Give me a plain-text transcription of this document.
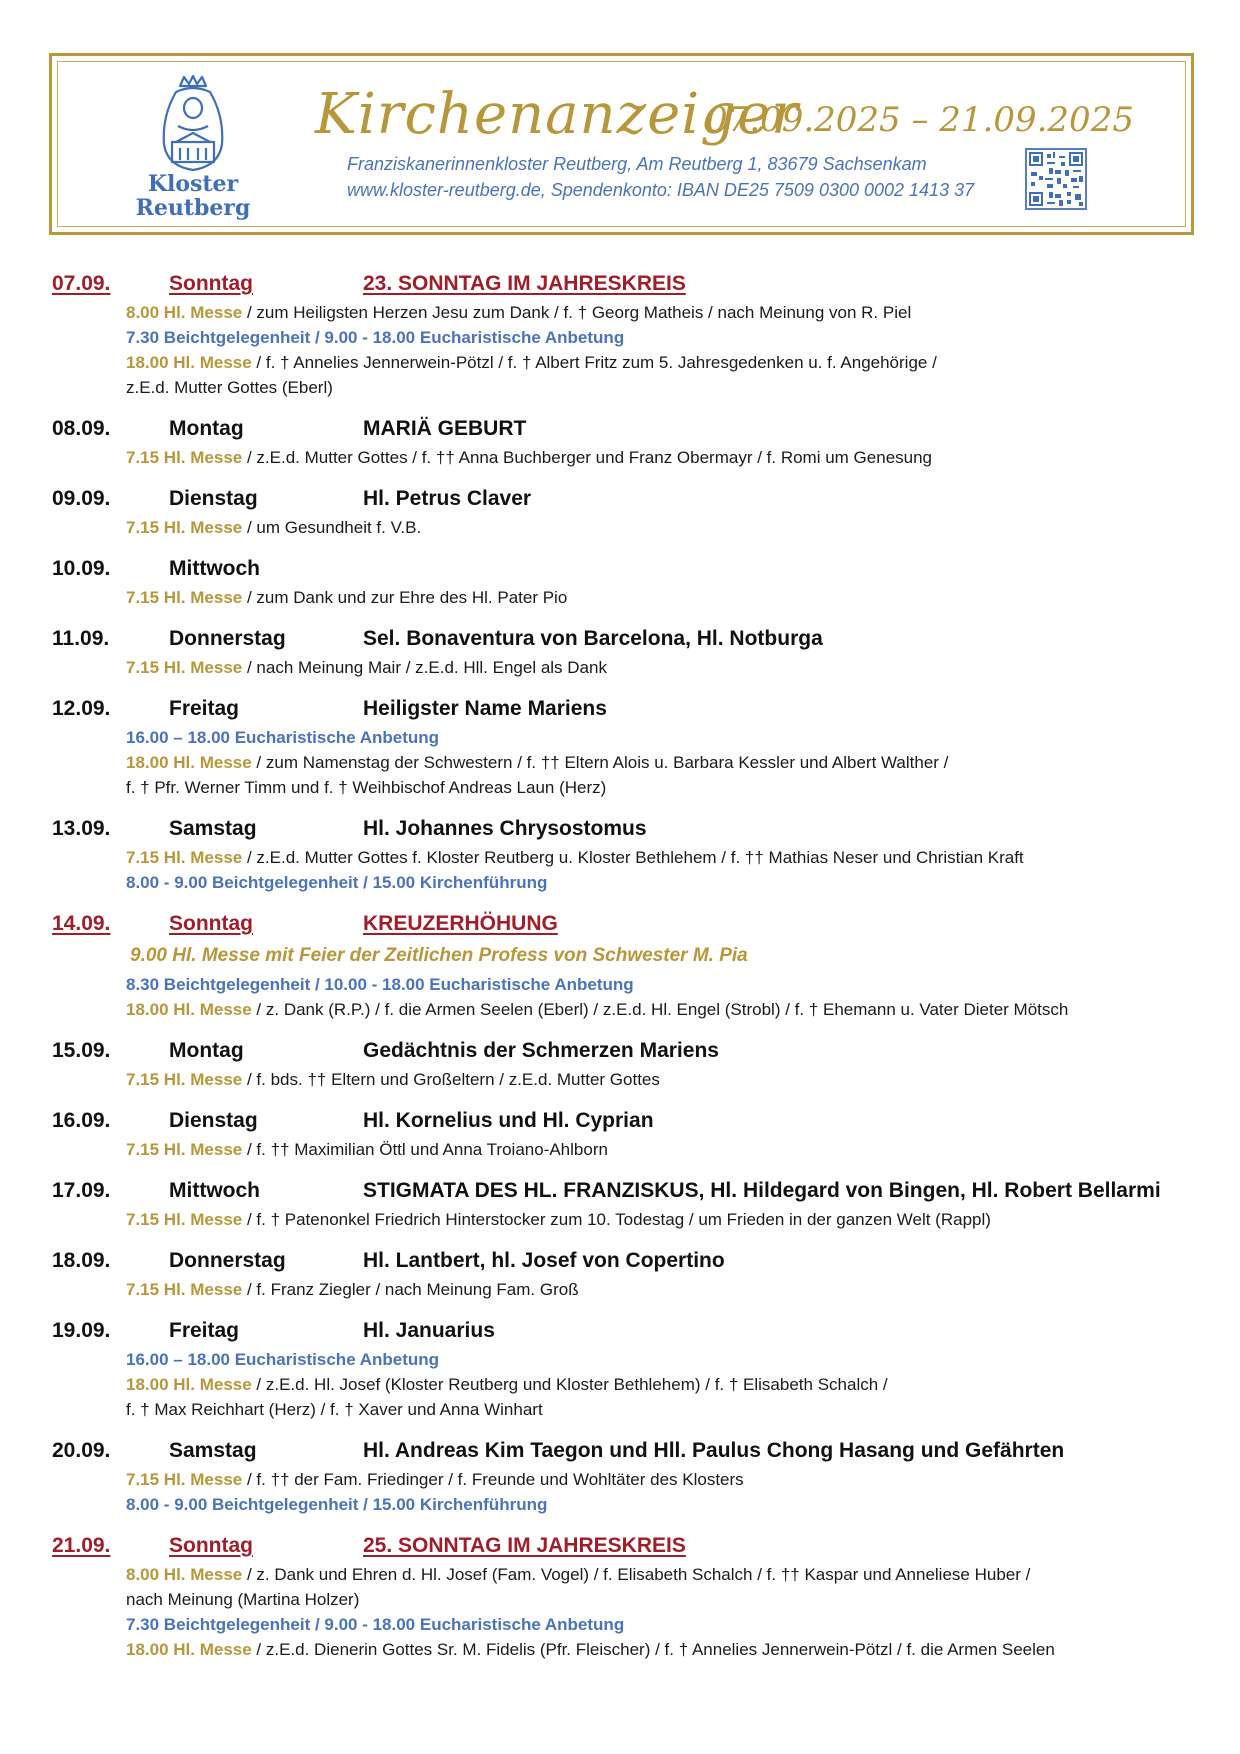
Kloster
Reutberg
Kirchenanzeiger
07.09.2025 – 21.09.2025
Franziskanerinnenkloster Reutberg, Am Reutberg 1, 83679 Sachsenkam
www.kloster-reutberg.de, Spendenkonto: IBAN DE25 7509 0300 0002 1413 37
07.09.	Sonntag	23. SONNTAG IM JAHRESKREIS
8.00 Hl. Messe / zum Heiligsten Herzen Jesu zum Dank / f. † Georg Matheis / nach Meinung von R. Piel
7.30 Beichtgelegenheit / 9.00 - 18.00 Eucharistische Anbetung
18.00 Hl. Messe / f. † Annelies Jennerwein-Pötzl / f. † Albert Fritz zum 5. Jahresgedenken u. f. Angehörige /
z.E.d. Mutter Gottes (Eberl)
08.09.	Montag	MARIÄ GEBURT
7.15 Hl. Messe / z.E.d. Mutter Gottes / f. †† Anna Buchberger und Franz Obermayr / f. Romi um Genesung
09.09.	Dienstag	Hl. Petrus Claver
7.15 Hl. Messe / um Gesundheit f. V.B.
10.09.	Mittwoch
7.15 Hl. Messe / zum Dank und zur Ehre des Hl. Pater Pio
11.09.	Donnerstag	Sel. Bonaventura von Barcelona, Hl. Notburga
7.15 Hl. Messe / nach Meinung Mair / z.E.d. Hll. Engel als Dank
12.09.	Freitag	Heiligster Name Mariens
16.00 – 18.00 Eucharistische Anbetung
18.00 Hl. Messe / zum Namenstag der Schwestern / f. †† Eltern Alois u. Barbara Kessler und Albert Walther /
f. † Pfr. Werner Timm und f. † Weihbischof Andreas Laun (Herz)
13.09.	Samstag	Hl. Johannes Chrysostomus
7.15 Hl. Messe / z.E.d. Mutter Gottes f. Kloster Reutberg u. Kloster Bethlehem / f. †† Mathias Neser und Christian Kraft
8.00 - 9.00 Beichtgelegenheit / 15.00 Kirchenführung
14.09.	Sonntag	KREUZERHÖHUNG
9.00 Hl. Messe mit Feier der Zeitlichen Profess von Schwester M. Pia
8.30 Beichtgelegenheit / 10.00 - 18.00 Eucharistische Anbetung
18.00 Hl. Messe / z. Dank (R.P.) / f. die Armen Seelen (Eberl) / z.E.d. Hl. Engel (Strobl) / f. † Ehemann u. Vater Dieter Mötsch
15.09.	Montag	Gedächtnis der Schmerzen Mariens
7.15 Hl. Messe / f. bds. †† Eltern und Großeltern / z.E.d. Mutter Gottes
16.09.	Dienstag	Hl. Kornelius und Hl. Cyprian
7.15 Hl. Messe / f. †† Maximilian Öttl und Anna Troiano-Ahlborn
17.09.	Mittwoch	STIGMATA DES HL. FRANZISKUS, Hl. Hildegard von Bingen, Hl. Robert Bellarmi
7.15 Hl. Messe / f. † Patenonkel Friedrich Hinterstocker zum 10. Todestag / um Frieden in der ganzen Welt (Rappl)
18.09.	Donnerstag	Hl. Lantbert, hl. Josef von Copertino
7.15 Hl. Messe / f. Franz Ziegler / nach Meinung Fam. Groß
19.09.	Freitag	Hl. Januarius
16.00 – 18.00 Eucharistische Anbetung
18.00 Hl. Messe / z.E.d. Hl. Josef (Kloster Reutberg und Kloster Bethlehem) / f. † Elisabeth Schalch /
f. † Max Reichhart (Herz) / f. † Xaver und Anna Winhart
20.09.	Samstag	Hl. Andreas Kim Taegon und Hll. Paulus Chong Hasang und Gefährten
7.15 Hl. Messe / f. †† der Fam. Friedinger / f. Freunde und Wohltäter des Klosters
8.00 - 9.00 Beichtgelegenheit / 15.00 Kirchenführung
21.09.	Sonntag	25. SONNTAG IM JAHRESKREIS
8.00 Hl. Messe / z. Dank und Ehren d. Hl. Josef (Fam. Vogel) / f. Elisabeth Schalch / f. †† Kaspar und Anneliese Huber /
nach Meinung (Martina Holzer)
7.30 Beichtgelegenheit / 9.00 - 18.00 Eucharistische Anbetung
18.00 Hl. Messe / z.E.d. Dienerin Gottes Sr. M. Fidelis (Pfr. Fleischer) / f. † Annelies Jennerwein-Pötzl / f. die Armen Seelen
